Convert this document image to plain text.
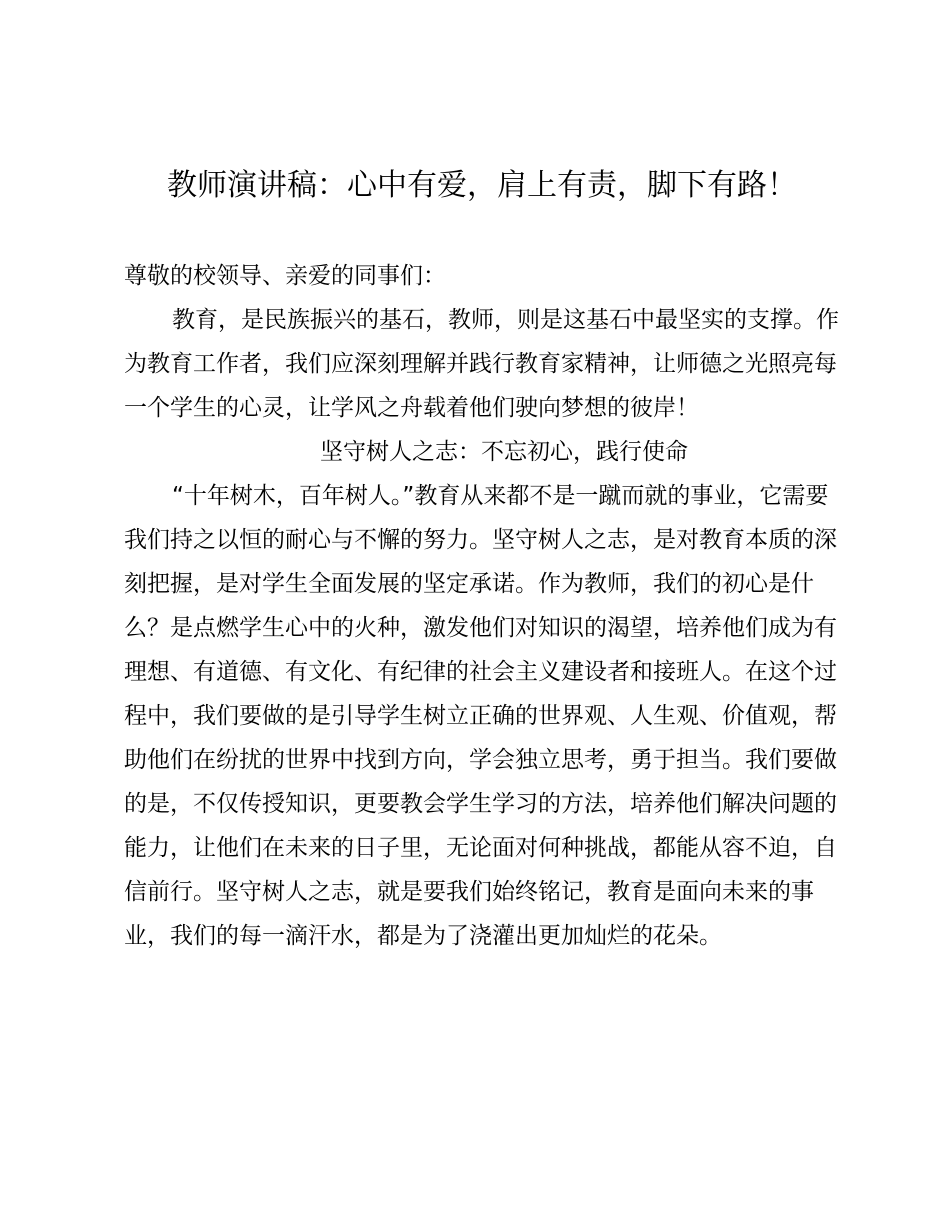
教师演讲稿：心中有爱，肩上有责，脚下有路！

尊敬的校领导、亲爱的同事们：

教育，是民族振兴的基石，教师，则是这基石中最坚实的支撑。作为教育工作者，我们应深刻理解并践行教育家精神，让师德之光照亮每一个学生的心灵，让学风之舟载着他们驶向梦想的彼岸！

坚守树人之志：不忘初心，践行使命

“十年树木，百年树人。”教育从来都不是一蹴而就的事业，它需要我们持之以恒的耐心与不懈的努力。坚守树人之志，是对教育本质的深刻把握，是对学生全面发展的坚定承诺。作为教师，我们的初心是什么？是点燃学生心中的火种，激发他们对知识的渴望，培养他们成为有理想、有道德、有文化、有纪律的社会主义建设者和接班人。在这个过程中，我们要做的是引导学生树立正确的世界观、人生观、价值观，帮助他们在纷扰的世界中找到方向，学会独立思考，勇于担当。我们要做的是，不仅传授知识，更要教会学生学习的方法，培养他们解决问题的能力，让他们在未来的日子里，无论面对何种挑战，都能从容不迫，自信前行。坚守树人之志，就是要我们始终铭记，教育是面向未来的事业，我们的每一滴汗水，都是为了浇灌出更加灿烂的花朵。
